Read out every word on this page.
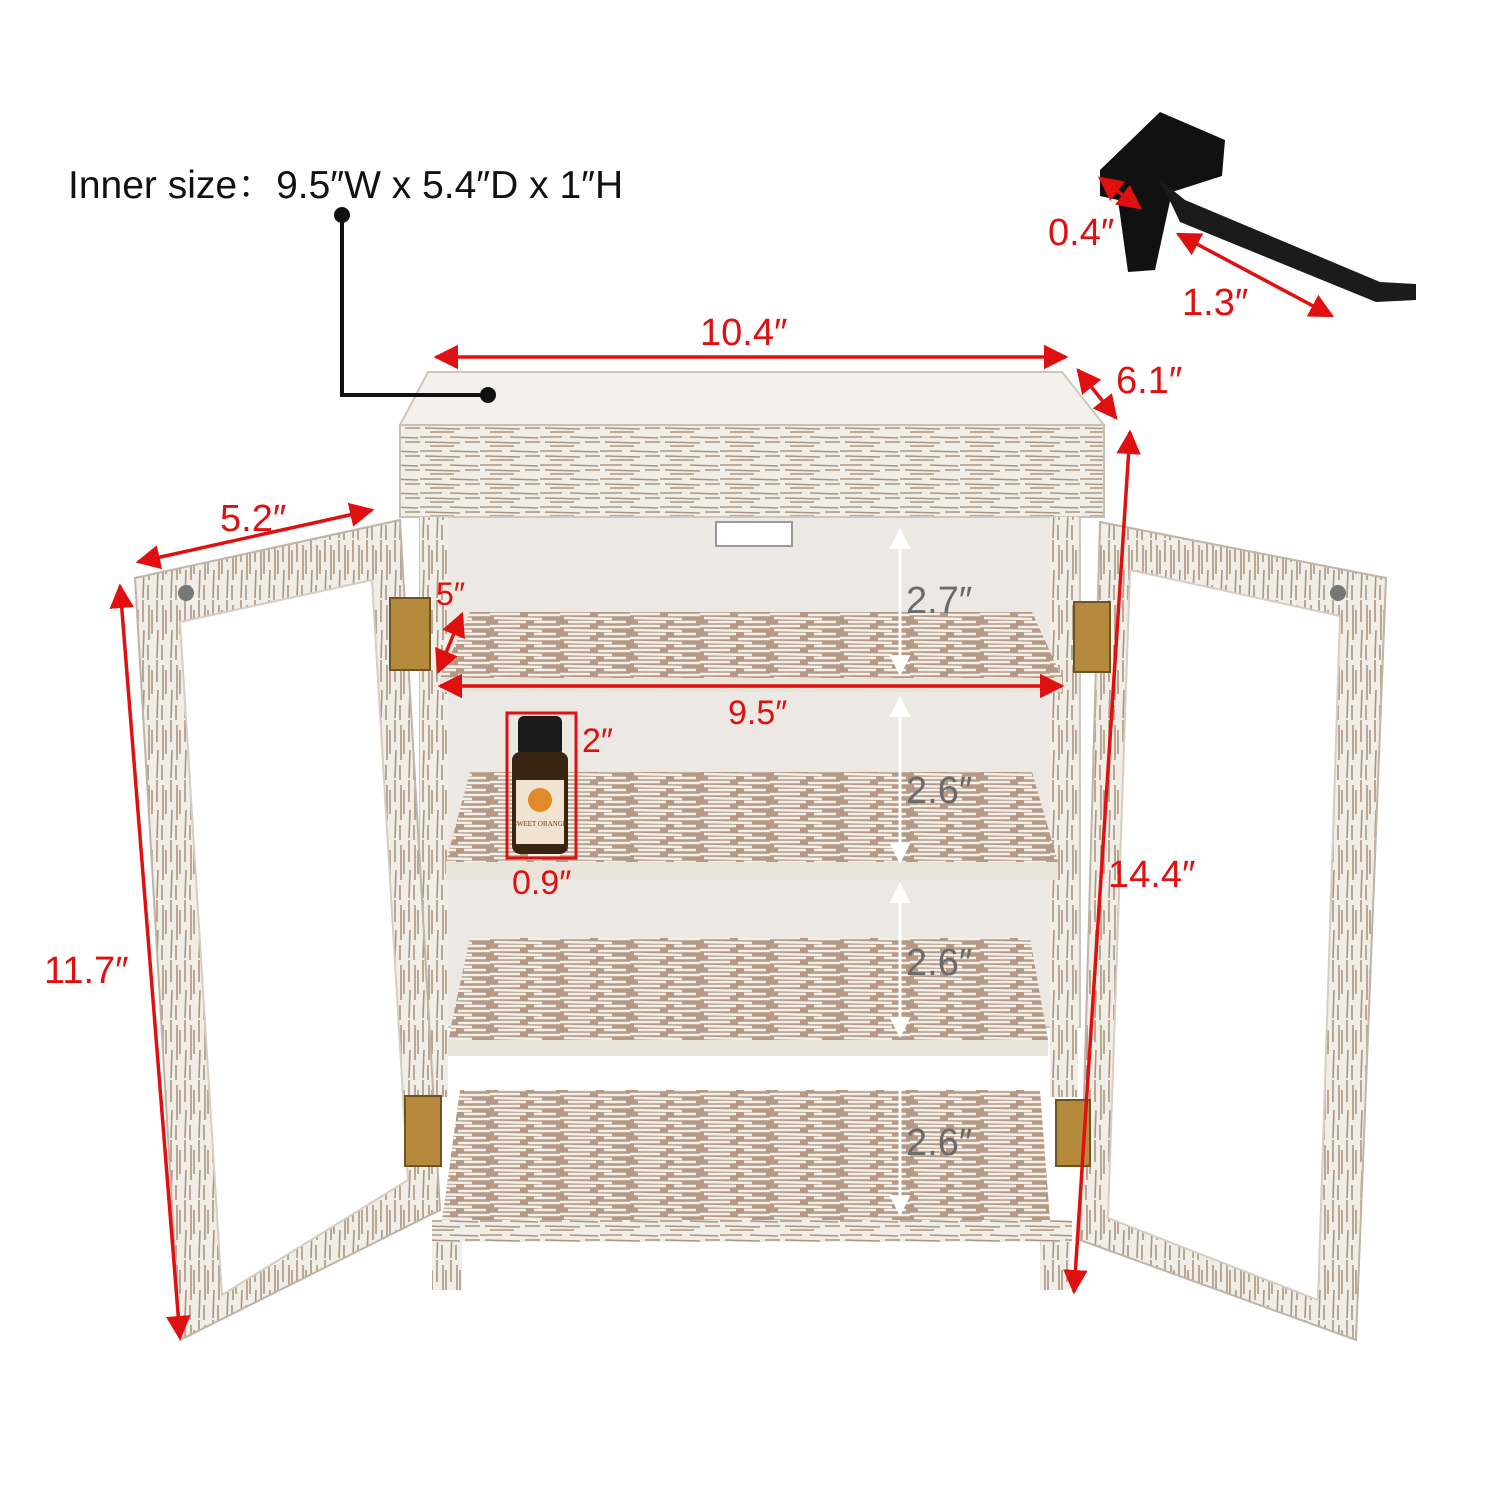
SWEET ORANGE
Inner size：9.5″W x 5.4″D x 1″H
10.4″
6.1″
14.4″
5.2″
11.7″
5″
9.5″
2″
0.9″
0.4″
1.3″
2.7″
2.6″
2.6″
2.6″
